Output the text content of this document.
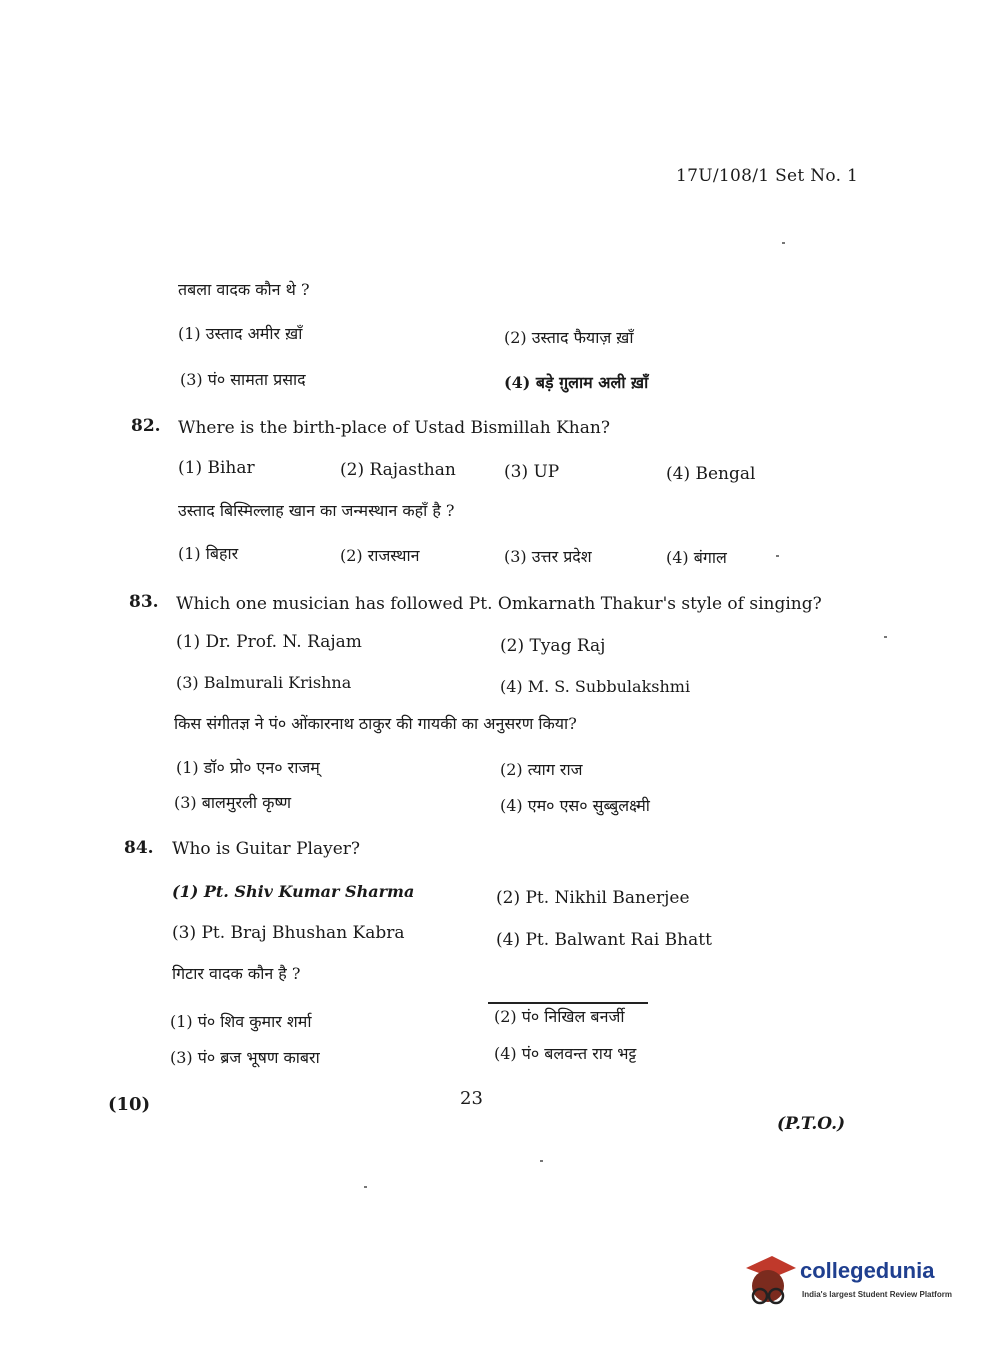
17U/108/1 Set No. 1
तबला वादक कौन थे ?
(1) उस्ताद अमीर ख़ाँ	(2) उस्ताद फैयाज़ ख़ाँ
(3) पं० सामता प्रसाद	(4) बड़े ग़ुलाम अली ख़ाँ
82. Where is the birth-place of Ustad Bismillah Khan?
(1) Bihar	(2) Rajasthan	(3) UP	(4) Bengal
उस्ताद बिस्मिल्लाह खान का जन्मस्थान कहाँ है ?
(1) बिहार	(2) राजस्थान	(3) उत्तर प्रदेश	(4) बंगाल
83. Which one musician has followed Pt. Omkarnath Thakur's style of singing?
(1) Dr. Prof. N. Rajam	(2) Tyag Raj
(3) Balmurali Krishna	(4) M. S. Subbulakshmi
किस संगीतज्ञ ने पं० ओंकारनाथ ठाकुर की गायकी का अनुसरण किया?
(1) डॉ० प्रो० एन० राजम्	(2) त्याग राज
(3) बालमुरली कृष्ण	(4) एम० एस० सुब्बुलक्ष्मी
84. Who is Guitar Player?
(1) Pt. Shiv Kumar Sharma	(2) Pt. Nikhil Banerjee
(3) Pt. Braj Bhushan Kabra	(4) Pt. Balwant Rai Bhatt
गिटार वादक कौन है ?
(1) पं० शिव कुमार शर्मा	(2) पं० निखिल बनर्जी
(3) पं० ब्रज भूषण काबरा	(4) पं० बलवन्त राय भट्ट
(10)	23
(P.T.O.)
collegedunia
India's largest Student Review Platform
